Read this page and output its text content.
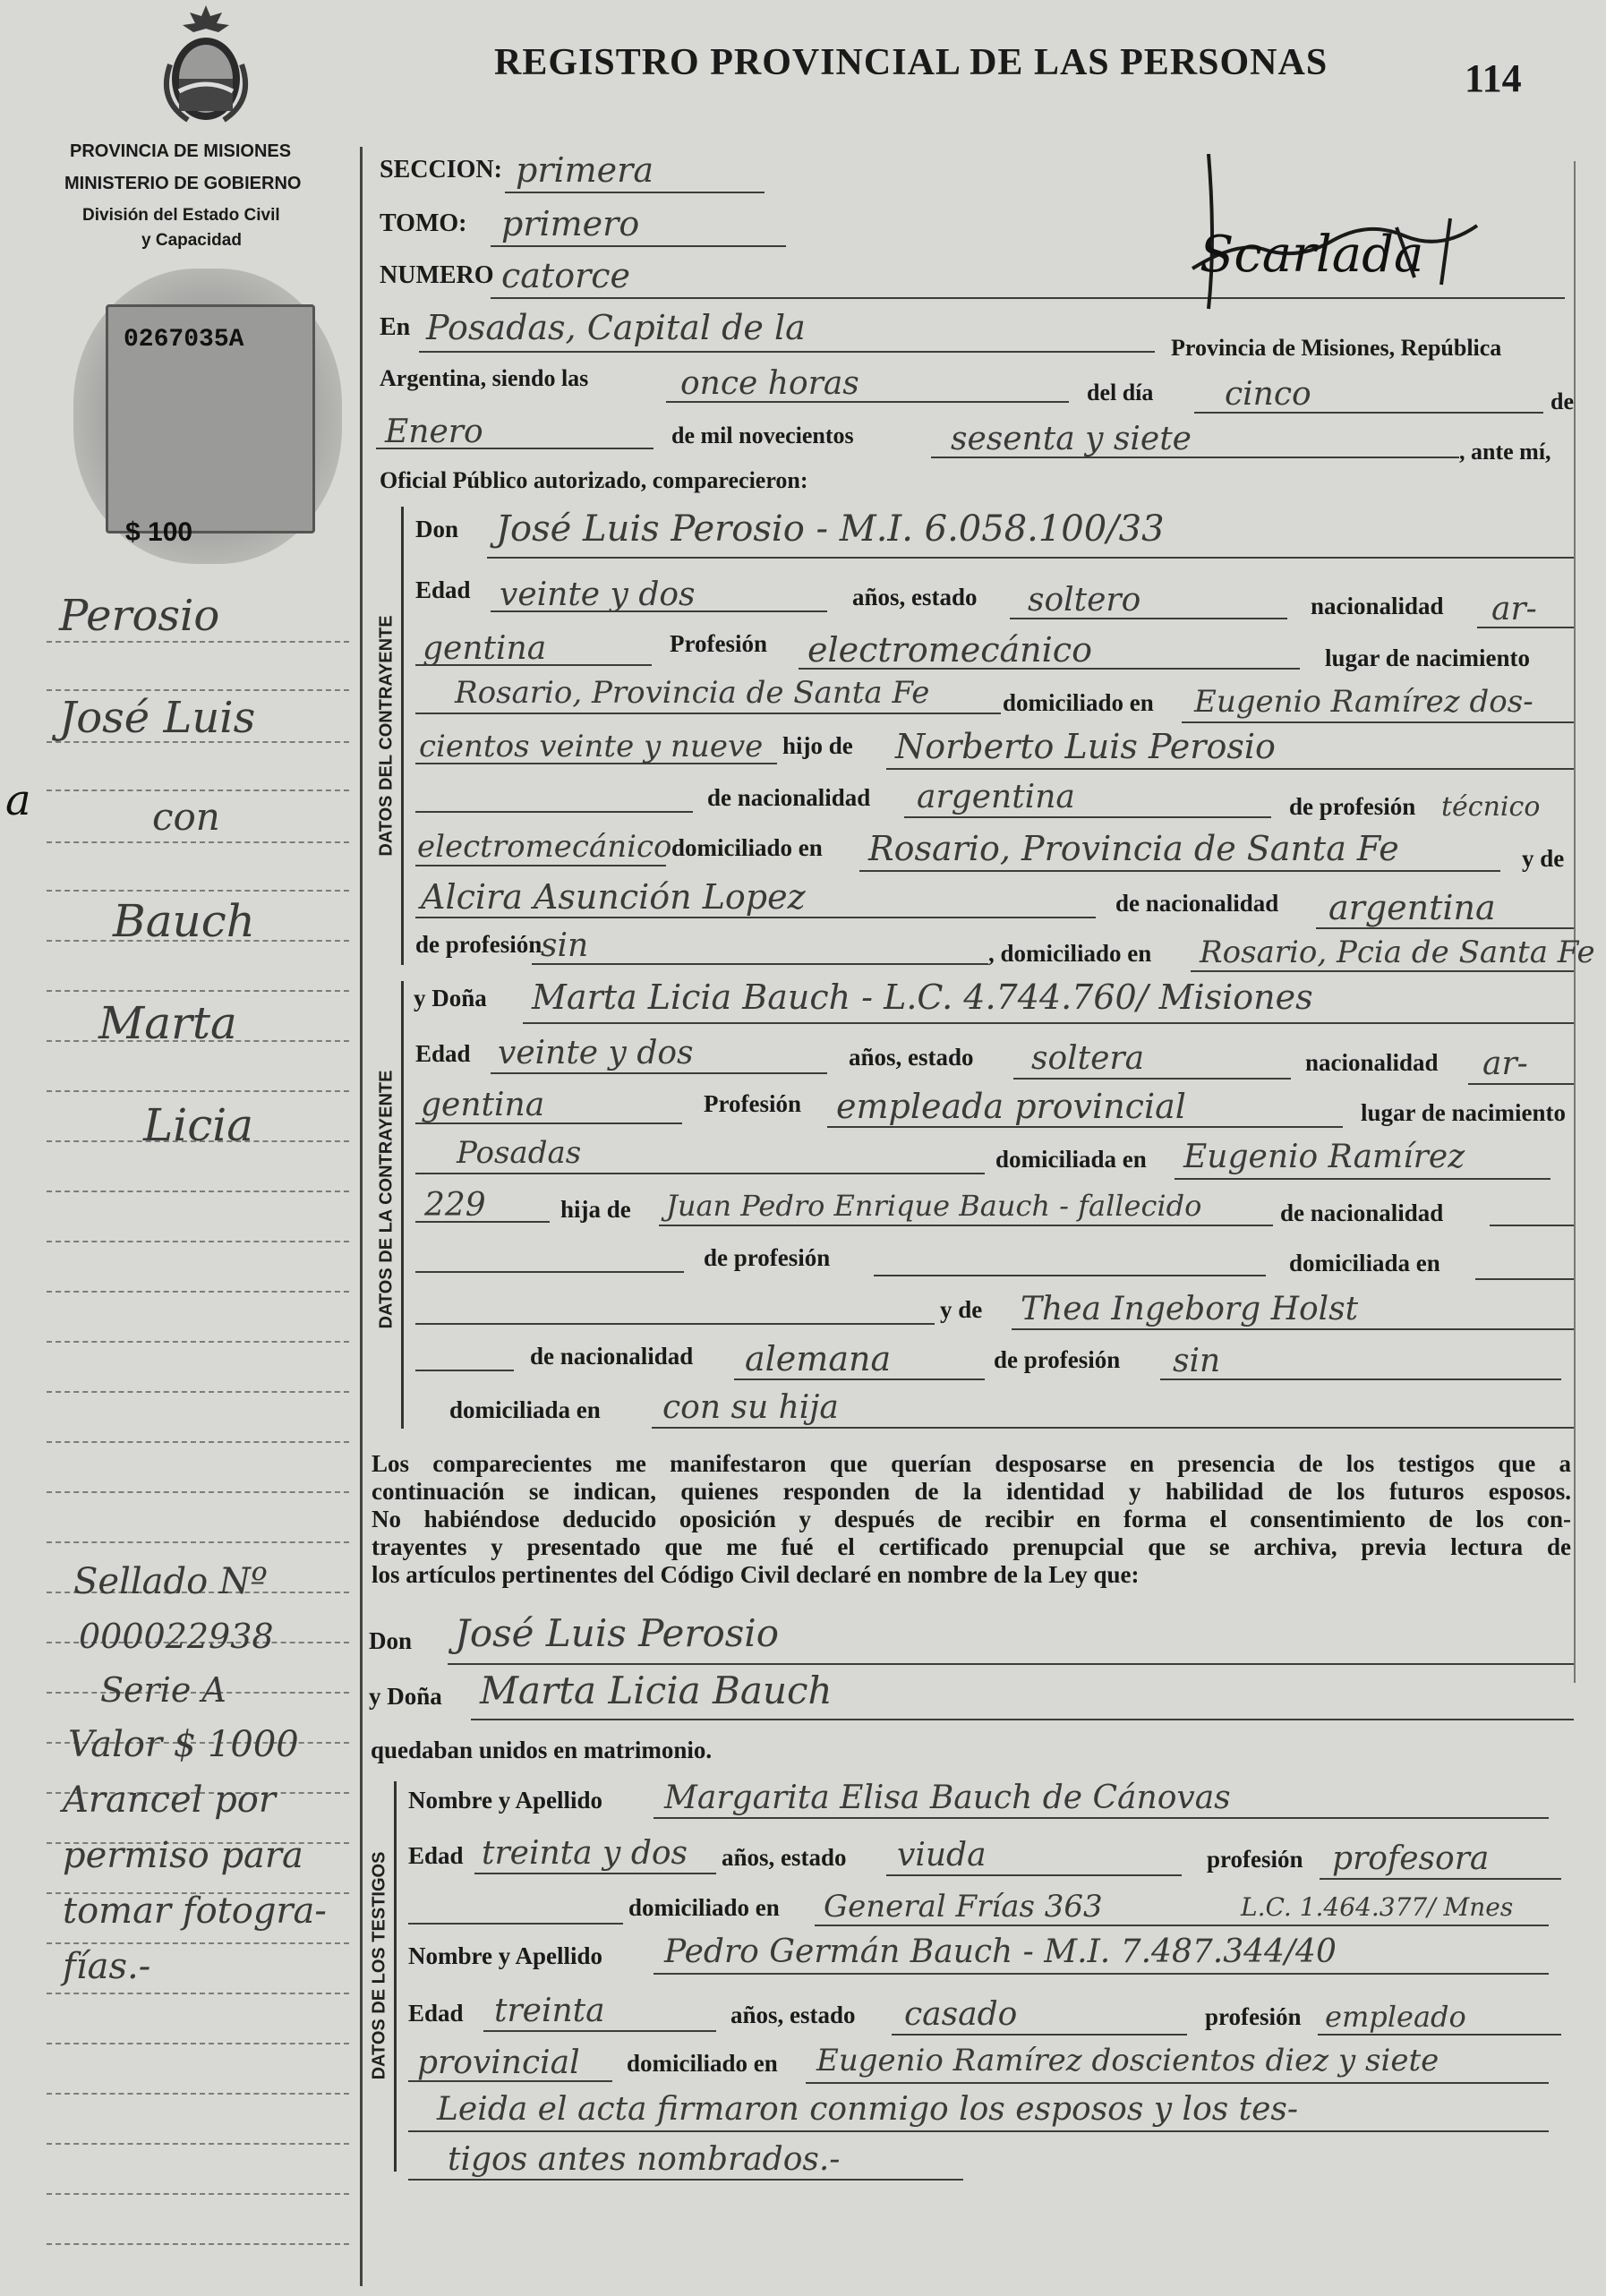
PROVINCIA DE MISIONES
MINISTERIO DE GOBIERNO
División del Estado Civil
y Capacidad
REGISTRO PROVINCIAL DE LAS PERSONAS	114
0267035A
$ 100
SECCION: primera
TOMO: primero
NUMERO catorce	Scarlada
En Posadas, Capital de la
Provincia de Misiones, República
Argentina, siendo las	once horas	del día cinco	de
Enero	de mil novecientos	sesenta y siete	, ante mí,
Oficial Público autorizado, comparecieron:
DATOS DEL CONTRAYENTE
Don José Luis Perosio - M.I. 6.058.100/33
Edad veinte y dos	años, estado soltero	nacionalidad ar-
gentina	Profesión electromecánico	lugar de nacimiento
Rosario, Provincia de Santa Fe	domiciliado en Eugenio Ramírez dos-
cientos veinte y nueve hijo de Norberto Luis Perosio
de nacionalidad argentina	de profesión técnico
electromecánico domiciliado en Rosario, Provincia de Santa Fe	y de
Alcira Asunción Lopez	de nacionalidad argentina
de profesión
sin	, domiciliado en Rosario, Pcia de Santa Fe
DATOS DE LA CONTRAYENTE
y Doña Marta Licia Bauch - L.C. 4.744.760/ Misiones
Edad veinte y dos	años, estado soltera	nacionalidad ar-
gentina	Profesión empleada provincial	lugar de nacimiento
Posadas	domiciliada en Eugenio Ramírez
229	hija de Juan Pedro Enrique Bauch - fallecido	de nacionalidad
de profesión	domiciliada en
y de Thea Ingeborg Holst
de nacionalidad alemana	de profesión sin
domiciliada en con su hija
Los comparecientes me manifestaron que querían desposarse en presencia de los testigos que a
continuación se indican, quienes responden de la identidad y habilidad de los futuros esposos.
No habiéndose deducido oposición y después de recibir en forma el consentimiento de los con-
trayentes y presentado que me fué el certificado prenupcial que se archiva, previa lectura de
los artículos pertinentes del Código Civil declaré en nombre de la Ley que:
Don José Luis Perosio
y Doña Marta Licia Bauch
quedaban unidos en matrimonio.
DATOS DE LOS TESTIGOS
Nombre y Apellido Margarita Elisa Bauch de Cánovas
Edad treinta y dos años, estado viuda	profesión profesora
domiciliado en General Frías 363	L.C. 1.464.377/ Mnes
Nombre y Apellido Pedro Germán Bauch - M.I. 7.487.344/40
Edad treinta	años, estado casado	profesión empleado
provincial domiciliado en Eugenio Ramírez doscientos diez y siete
Leida el acta firmaron conmigo los esposos y los tes-
tigos antes nombrados.-
Perosio
José Luis
con
Bauch
Marta
Licia
a
Sellado Nº
000022938
Serie A
Valor $ 1000
Arancel por
permiso para
tomar fotogra-
fías.-
